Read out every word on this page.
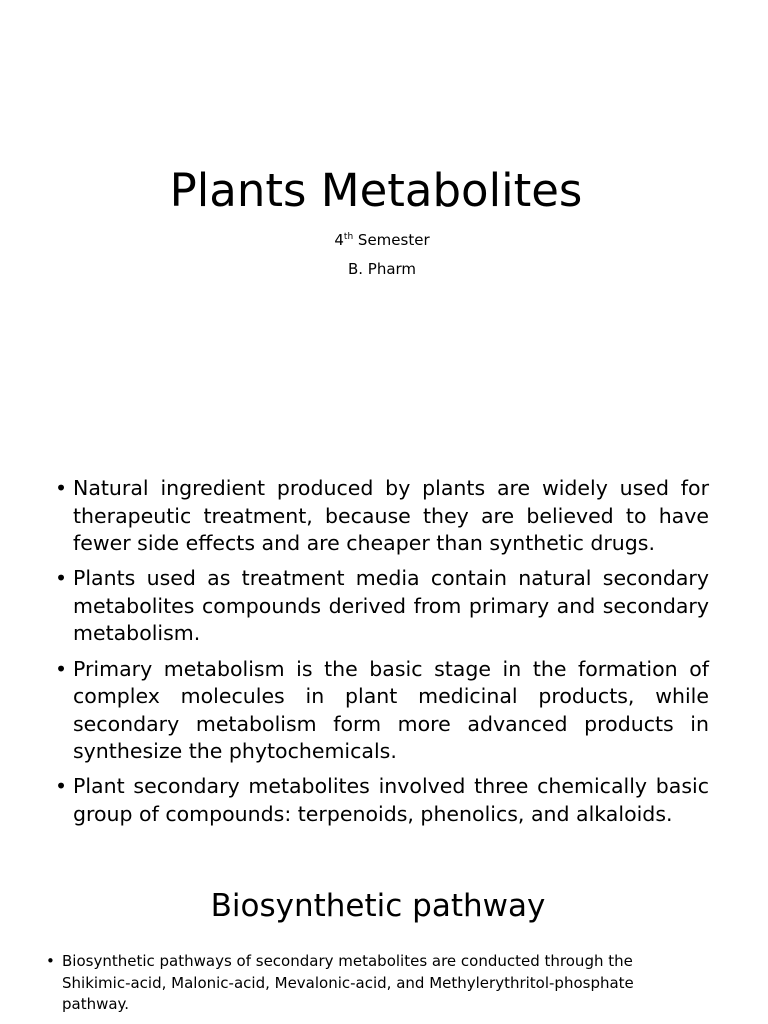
Plants Metabolites

4th Semester

B. Pharm

• Natural ingredient produced by plants are widely used for therapeutic treatment, because they are believed to have fewer side effects and are cheaper than synthetic drugs.
• Plants used as treatment media contain natural secondary metabolites compounds derived from primary and secondary metabolism.
• Primary metabolism is the basic stage in the formation of complex molecules in plant medicinal products, while secondary metabolism form more advanced products in synthesize the phytochemicals.
• Plant secondary metabolites involved three chemically basic group of compounds: terpenoids, phenolics, and alkaloids.
Biosynthetic pathway
• Biosynthetic pathways of secondary metabolites are conducted through the Shikimic-acid, Malonic-acid, Mevalonic-acid, and Methylerythritol-phosphate pathway.
